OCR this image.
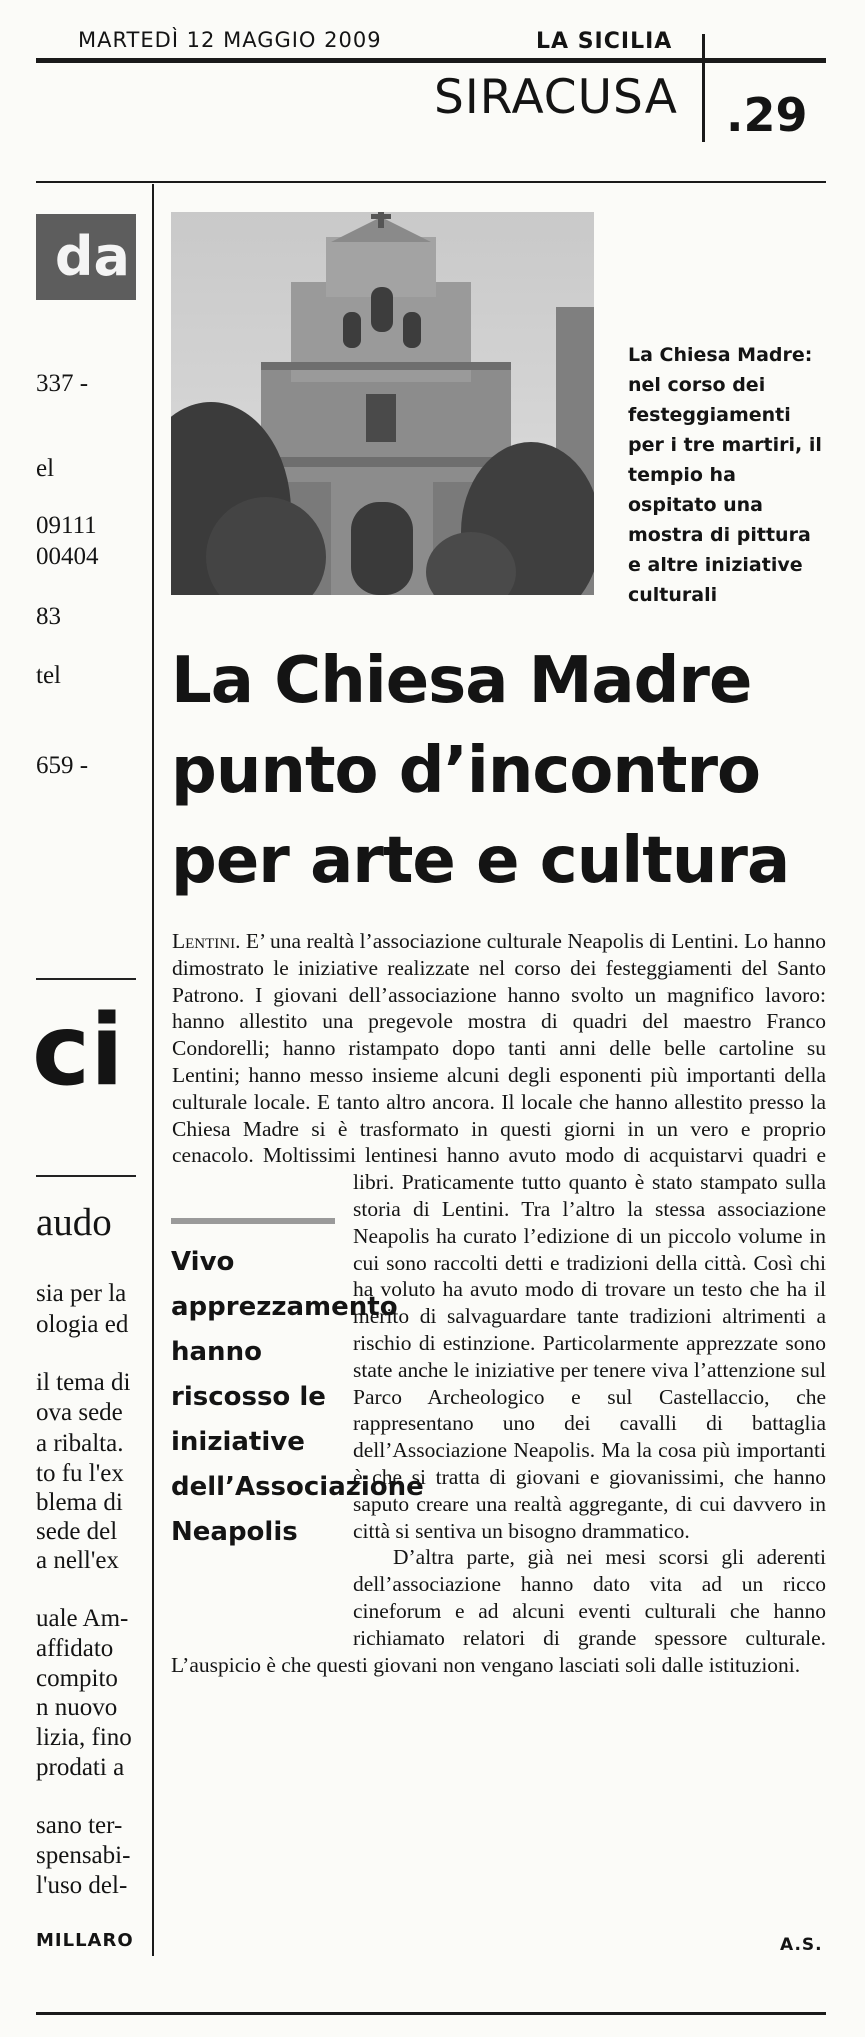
MARTEDÌ 12 MAGGIO 2009	LA SICILIA
SIRACUSA .29
da
337 -
el
09111
00404
83
tel
659 -
ci
audo
sia per la
ologia ed
il tema di
ova sede
a ribalta.
to fu l'ex
blema di
sede del
a nell'ex
uale Am-
affidato
compito
n nuovo
lizia, fino
prodati a
sano ter-
spensabi-
l'uso del-
MILLARO
La Chiesa Madre: nel corso dei festeggiamenti per i tre martiri, il tempio ha ospitato una mostra di pittura e altre iniziative culturali
La Chiesa Madre
punto d’incontro
per arte e cultura

Lentini. E’ una realtà l’associazione culturale Neapolis di Lentini. Lo hanno dimostrato le iniziative realizzate nel corso dei festeggiamenti del Santo Patrono. I giovani dell’associazione hanno svolto un magnifico lavoro: hanno allestito una pregevole mostra di quadri del maestro Franco Condorelli; hanno ristampato dopo tanti anni delle belle cartoline su Lentini; hanno messo insieme alcuni degli esponenti più importanti della culturale locale. E tanto altro ancora. Il locale che hanno allestito presso la Chiesa Madre si è trasformato in questi giorni in un vero e proprio cenacolo. Moltissimi lentinesi hanno avuto modo di acquistarvi quadri e libri. Praticamente tutto quanto è stato stampato sulla storia di Lentini. Tra l’altro la stessa associazione Neapolis ha curato l’edizione di un piccolo volume in cui sono raccolti detti e tradizioni della città. Così chi ha voluto ha avuto modo di trovare un testo che ha il merito di salvaguardare tante tradizioni altrimenti a rischio di estinzione. Particolarmente apprezzate sono state anche le iniziative per tenere viva l’attenzione sul Parco Archeologico e sul Castellaccio, che rappresentano uno dei cavalli di battaglia dell’Associazione Neapolis. Ma la cosa più importanti è che si tratta di giovani e giovanissimi, che hanno saputo creare una realtà aggregante, di cui davvero in città si sentiva un bisogno drammatico.

D’altra parte, già nei mesi scorsi gli aderenti dell’associazione hanno dato vita ad un ricco cineforum e ad alcuni eventi culturali che hanno richiamato relatori di grande spessore culturale. L’auspicio è che questi giovani non vengano lasciati soli dalle istituzioni.

Vivo apprezzamento hanno riscosso le iniziative dell’Associazione Neapolis
A.S.
